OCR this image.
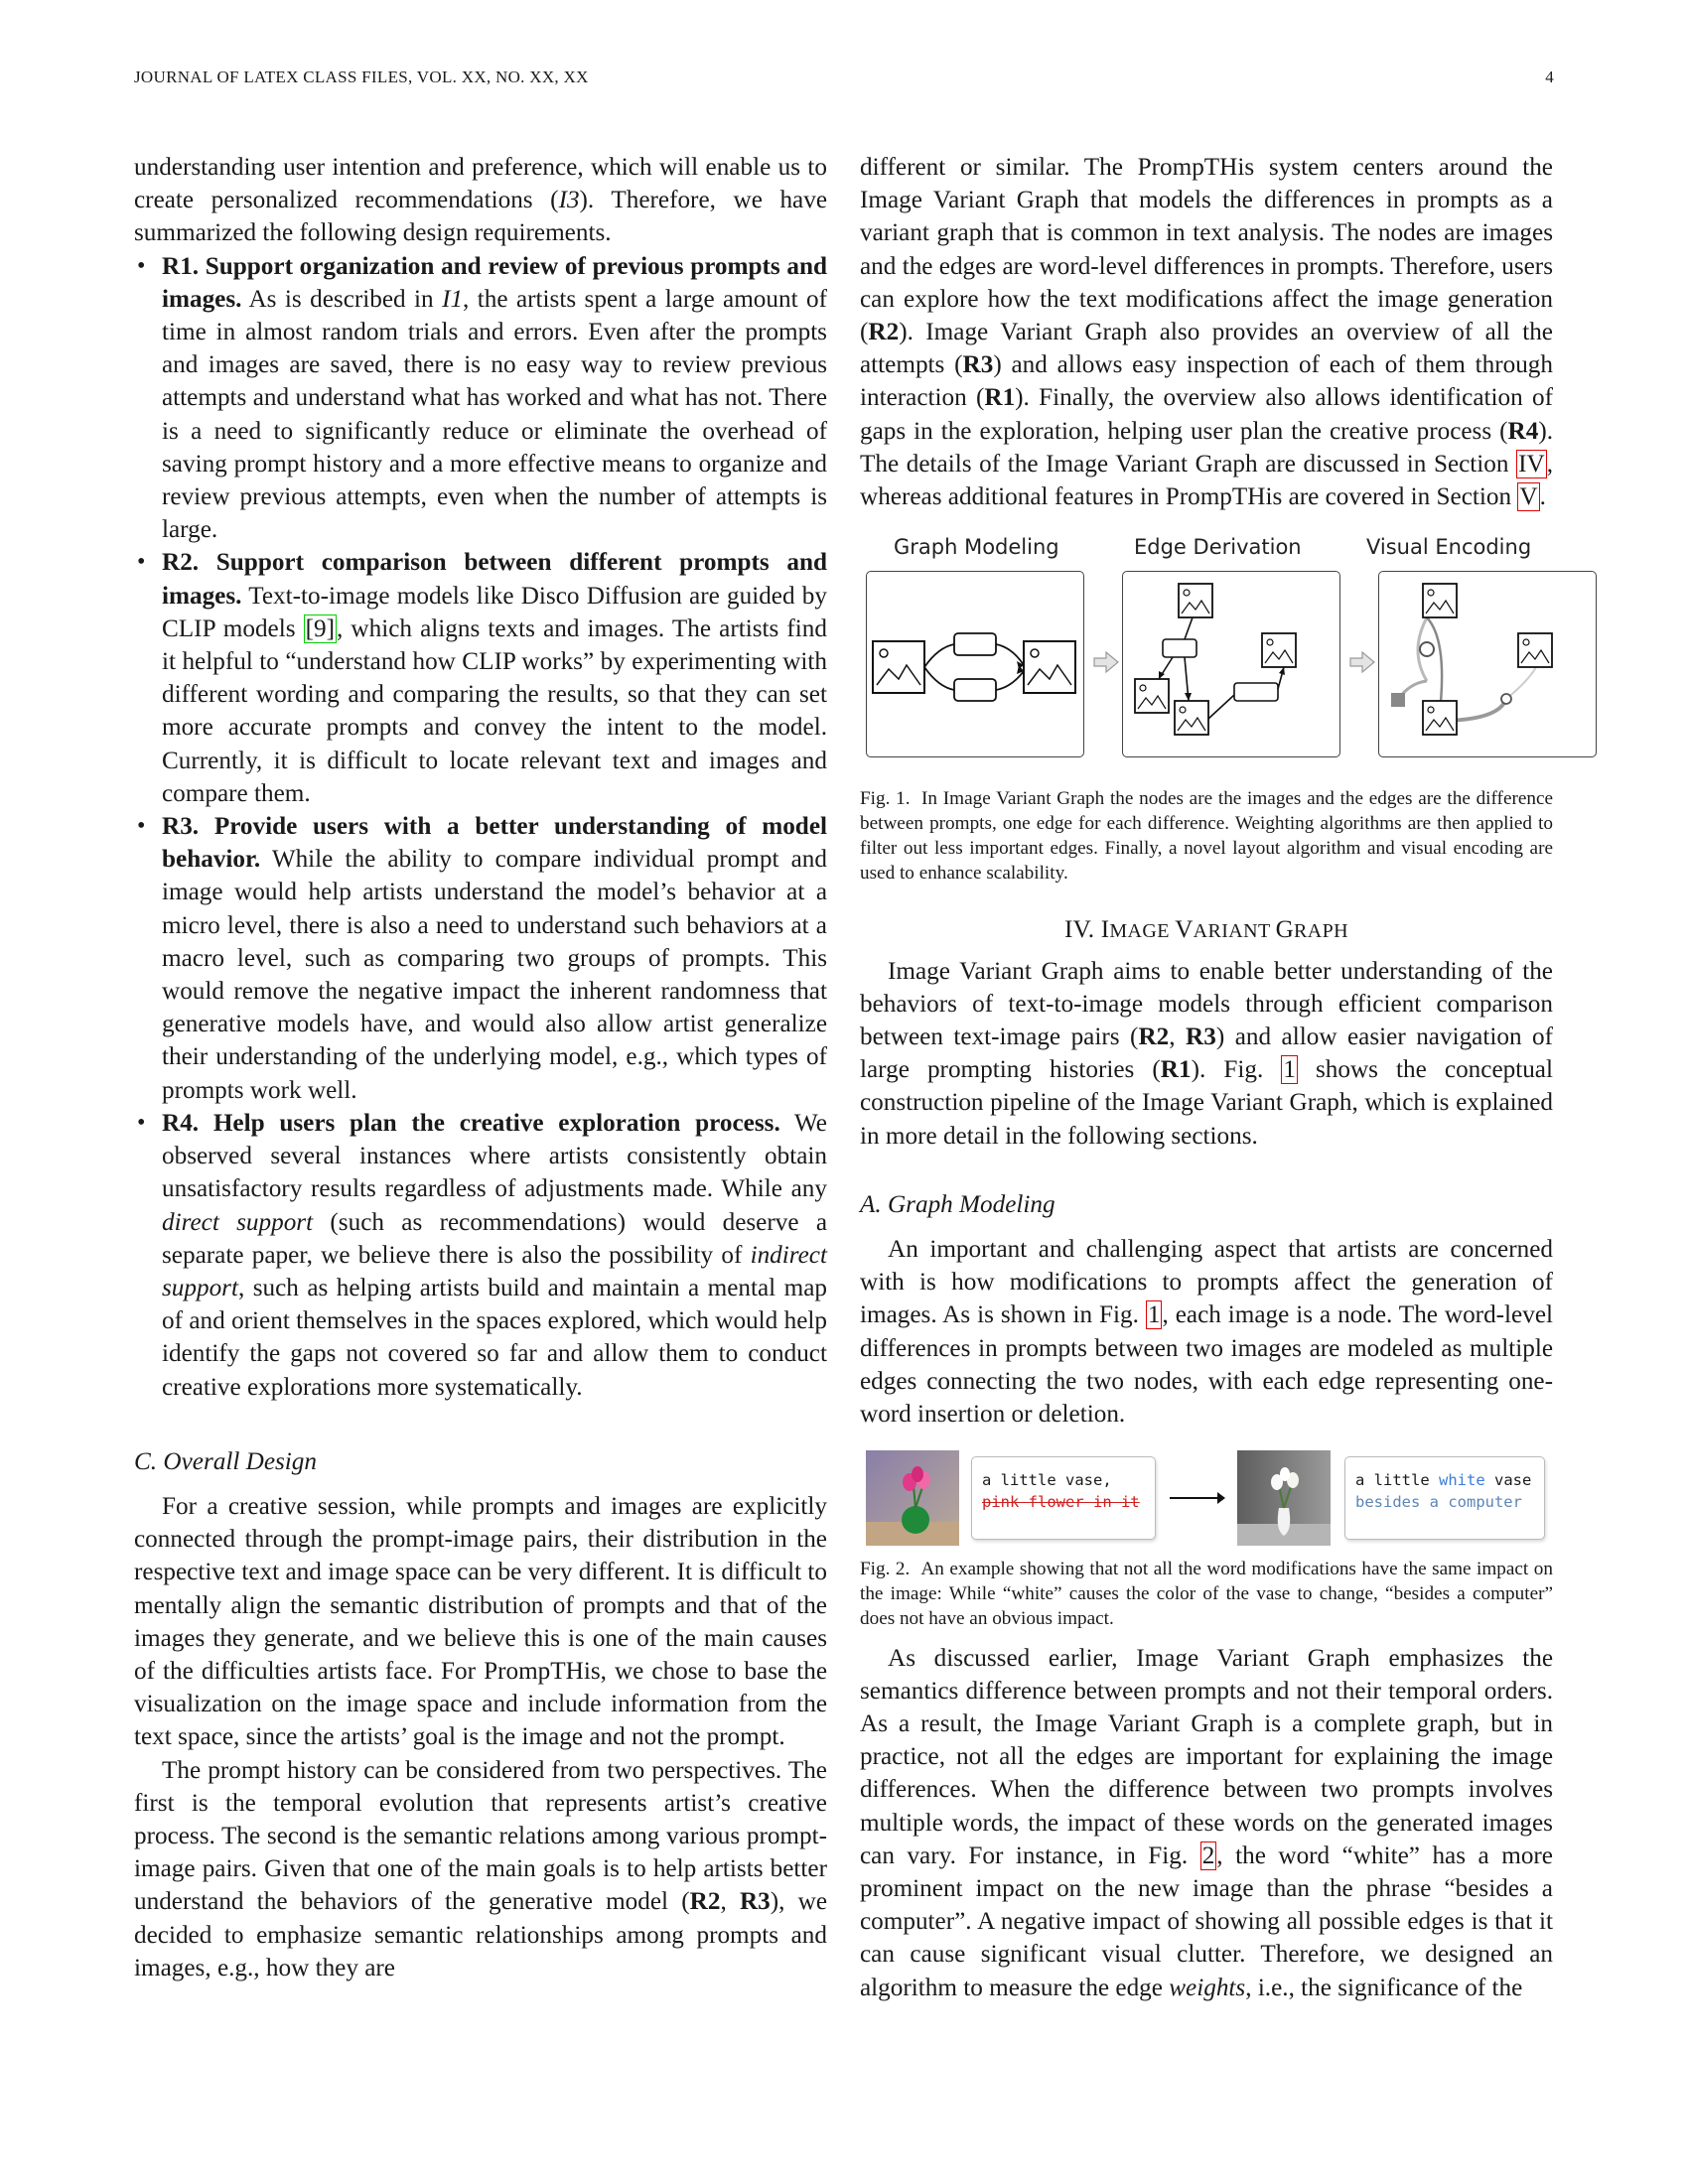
JOURNAL OF LATEX CLASS FILES, VOL. XX, NO. XX, XX	4

understanding user intention and preference, which will enable us to create personalized recommendations (I3). Therefore, we have summarized the following design requirements.

• R1. Support organization and review of previous prompts and images. As is described in I1, the artists spent a large amount of time in almost random trials and errors. Even after the prompts and images are saved, there is no easy way to review previous attempts and understand what has worked and what has not. There is a need to significantly reduce or eliminate the overhead of saving prompt history and a more effective means to organize and review previous attempts, even when the number of attempts is large.
• R2. Support comparison between different prompts and images. Text-to-image models like Disco Diffusion are guided by CLIP models [9], which aligns texts and images. The artists find it helpful to “understand how CLIP works” by experimenting with different wording and comparing the results, so that they can set more accurate prompts and convey the intent to the model. Currently, it is difficult to locate relevant text and images and compare them.
• R3. Provide users with a better understanding of model behavior. While the ability to compare individual prompt and image would help artists understand the model’s behavior at a micro level, there is also a need to understand such behaviors at a macro level, such as comparing two groups of prompts. This would remove the negative impact the inherent randomness that generative models have, and would also allow artist generalize their understanding of the underlying model, e.g., which types of prompts work well.
• R4. Help users plan the creative exploration process. We observed several instances where artists consistently obtain unsatisfactory results regardless of adjustments made. While any direct support (such as recommendations) would deserve a separate paper, we believe there is also the possibility of indirect support, such as helping artists build and maintain a mental map of and orient themselves in the spaces explored, which would help identify the gaps not covered so far and allow them to conduct creative explorations more systematically.

C. Overall Design

For a creative session, while prompts and images are explicitly connected through the prompt-image pairs, their distribution in the respective text and image space can be very different. It is difficult to mentally align the semantic distribution of prompts and that of the images they generate, and we believe this is one of the main causes of the difficulties artists face. For PrompTHis, we chose to base the visualization on the image space and include information from the text space, since the artists’ goal is the image and not the prompt.

The prompt history can be considered from two perspectives. The first is the temporal evolution that represents artist’s creative process. The second is the semantic relations among various prompt-image pairs. Given that one of the main goals is to help artists better understand the behaviors of the generative model (R2, R3), we decided to emphasize semantic relationships among prompts and images, e.g., how they are

different or similar. The PrompTHis system centers around the Image Variant Graph that models the differences in prompts as a variant graph that is common in text analysis. The nodes are images and the edges are word-level differences in prompts. Therefore, users can explore how the text modifications affect the image generation (R2). Image Variant Graph also provides an overview of all the attempts (R3) and allows easy inspection of each of them through interaction (R1). Finally, the overview also allows identification of gaps in the exploration, helping user plan the creative process (R4). The details of the Image Variant Graph are discussed in Section IV, whereas additional features in PrompTHis are covered in Section V.

Graph Modeling	Edge Derivation	Visual Encoding

Fig. 1. In Image Variant Graph the nodes are the images and the edges are the difference between prompts, one edge for each difference. Weighting algorithms are then applied to filter out less important edges. Finally, a novel layout algorithm and visual encoding are used to enhance scalability.

IV. IMAGE VARIANT GRAPH

Image Variant Graph aims to enable better understanding of the behaviors of text-to-image models through efficient comparison between text-image pairs (R2, R3) and allow easier navigation of large prompting histories (R1). Fig. 1 shows the conceptual construction pipeline of the Image Variant Graph, which is explained in more detail in the following sections.

A. Graph Modeling

An important and challenging aspect that artists are concerned with is how modifications to prompts affect the generation of images. As is shown in Fig. 1, each image is a node. The word-level differences in prompts between two images are modeled as multiple edges connecting the two nodes, with each edge representing one-word insertion or deletion.

a little vase,
pink flower in it
a little white vase
besides a computer

Fig. 2. An example showing that not all the word modifications have the same impact on the image: While “white” causes the color of the vase to change, “besides a computer” does not have an obvious impact.

As discussed earlier, Image Variant Graph emphasizes the semantics difference between prompts and not their temporal orders. As a result, the Image Variant Graph is a complete graph, but in practice, not all the edges are important for explaining the image differences. When the difference between two prompts involves multiple words, the impact of these words on the generated images can vary. For instance, in Fig. 2, the word “white” has a more prominent impact on the new image than the phrase “besides a computer”. A negative impact of showing all possible edges is that it can cause significant visual clutter. Therefore, we designed an algorithm to measure the edge weights, i.e., the significance of the
